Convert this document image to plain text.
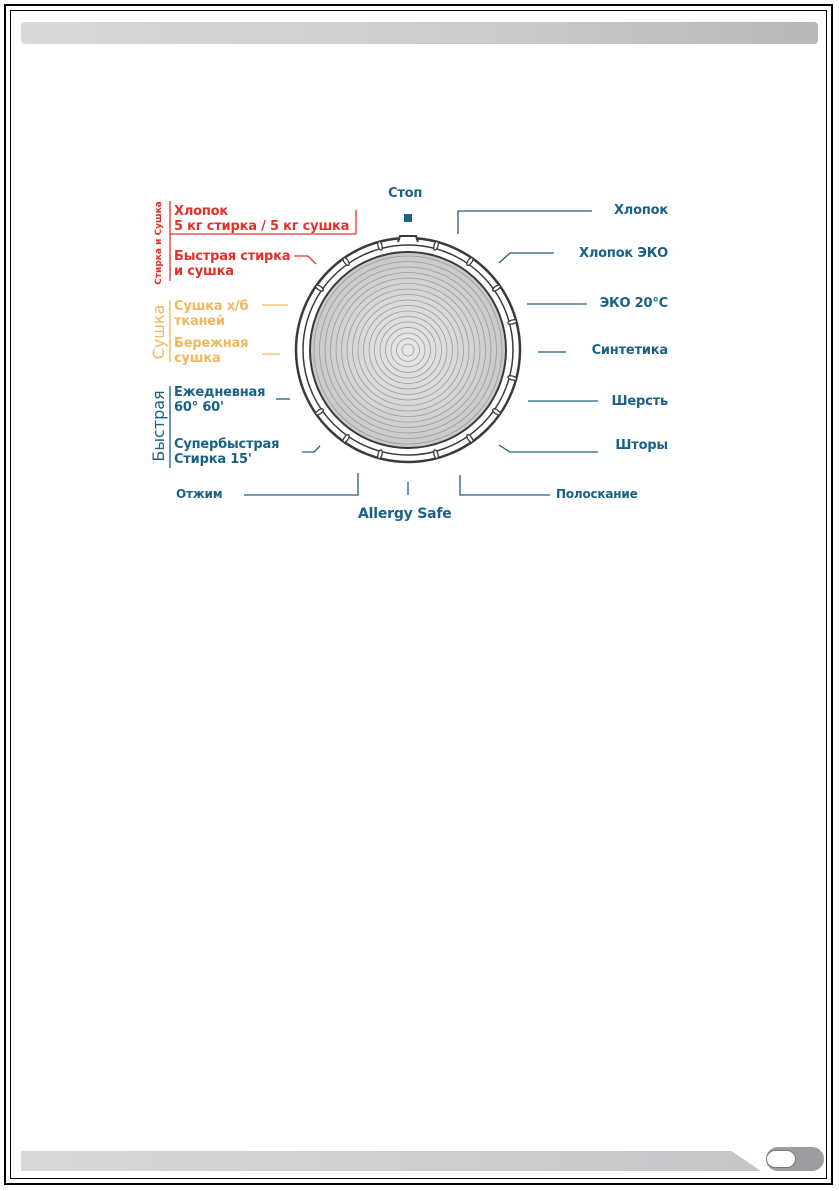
Стоп
Стирка и Сушка
Сушка
Быстрая
Хлопок
5 кг стирка / 5 кг сушка
Быстрая стирка
и сушка
Сушка х/б
тканей
Бережная
сушка
Ежедневная
60° 60'
Супербыстрая
Стирка 15'
Отжим
Allergy Safe
Полоскание
Хлопок
Хлопок ЭКО
ЭКО 20°С
Синтетика
Шерсть
Шторы
